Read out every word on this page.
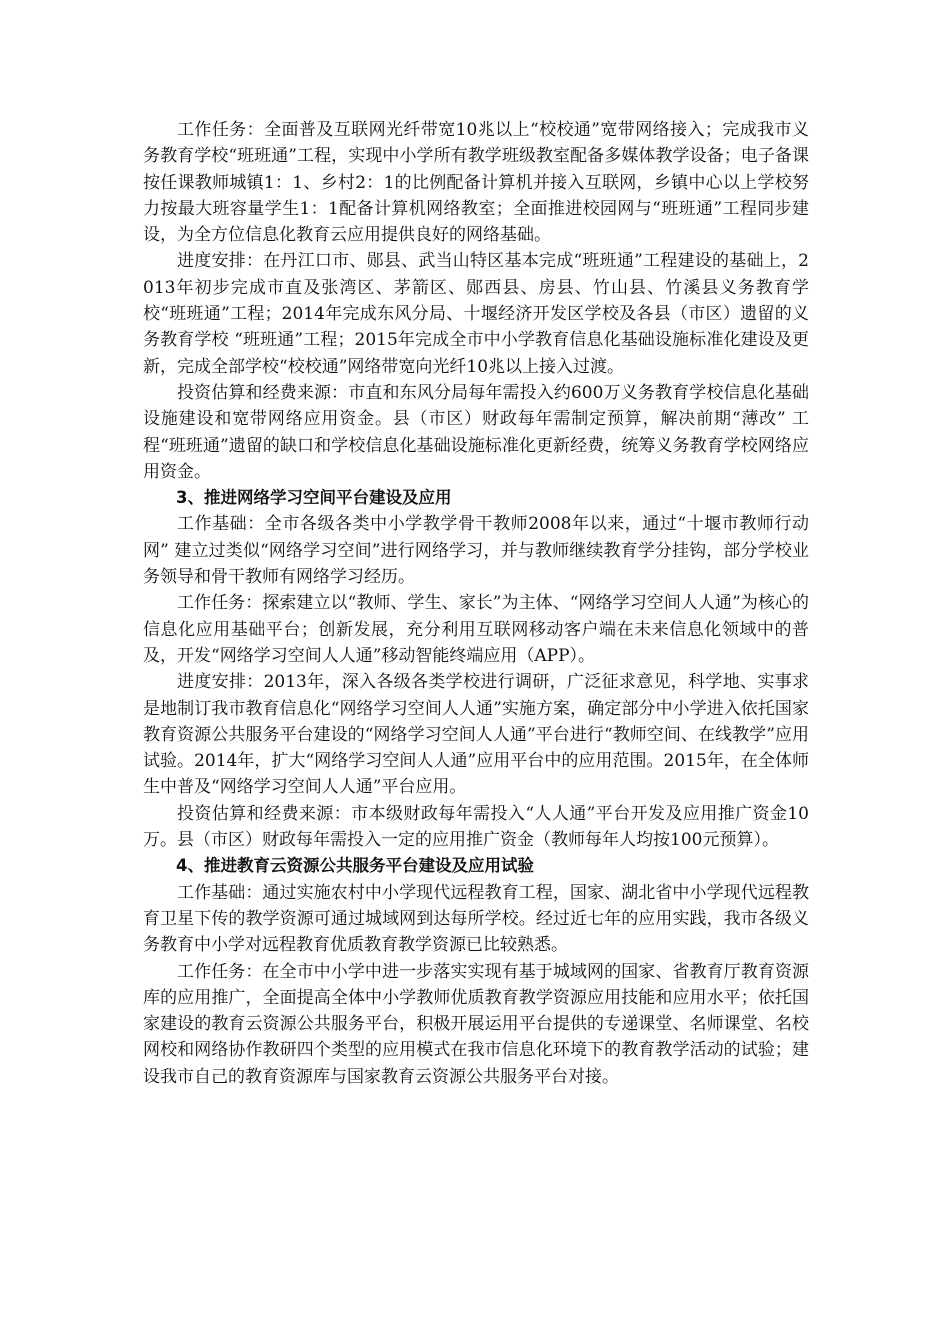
工作任务：全面普及互联网光纤带宽10兆以上“校校通”宽带网络接入；完成我市义务教育学校“班班通”工程，实现中小学所有教学班级教室配备多媒体教学设备；电子备课按任课教师城镇1：1、乡村2：1的比例配备计算机并接入互联网，乡镇中心以上学校努力按最大班容量学生1：1配备计算机网络教室；全面推进校园网与“班班通”工程同步建设，为全方位信息化教育云应用提供良好的网络基础。

进度安排：在丹江口市、郧县、武当山特区基本完成“班班通”工程建设的基础上，2013年初步完成市直及张湾区、茅箭区、郧西县、房县、竹山县、竹溪县义务教育学校“班班通”工程；2014年完成东风分局、十堰经济开发区学校及各县（市区）遗留的义务教育学校 “班班通”工程；2015年完成全市中小学教育信息化基础设施标准化建设及更新，完成全部学校“校校通”网络带宽向光纤10兆以上接入过渡。

投资估算和经费来源：市直和东风分局每年需投入约600万义务教育学校信息化基础设施建设和宽带网络应用资金。县（市区）财政每年需制定预算，解决前期“薄改” 工程“班班通”遗留的缺口和学校信息化基础设施标准化更新经费，统筹义务教育学校网络应用资金。

3、推进网络学习空间平台建设及应用

工作基础：全市各级各类中小学教学骨干教师2008年以来，通过“十堰市教师行动网” 建立过类似“网络学习空间”进行网络学习，并与教师继续教育学分挂钩，部分学校业务领导和骨干教师有网络学习经历。

工作任务：探索建立以“教师、学生、家长”为主体、“网络学习空间人人通”为核心的信息化应用基础平台；创新发展，充分利用互联网移动客户端在未来信息化领域中的普及，开发“网络学习空间人人通”移动智能终端应用（APP）。

进度安排：2013年，深入各级各类学校进行调研，广泛征求意见，科学地、实事求是地制订我市教育信息化“网络学习空间人人通”实施方案，确定部分中小学进入依托国家教育资源公共服务平台建设的“网络学习空间人人通”平台进行“教师空间、在线教学”应用试验。2014年，扩大“网络学习空间人人通”应用平台中的应用范围。2015年，在全体师生中普及“网络学习空间人人通”平台应用。

投资估算和经费来源：市本级财政每年需投入“人人通”平台开发及应用推广资金10万。县（市区）财政每年需投入一定的应用推广资金（教师每年人均按100元预算）。

4、推进教育云资源公共服务平台建设及应用试验

工作基础：通过实施农村中小学现代远程教育工程，国家、湖北省中小学现代远程教育卫星下传的教学资源可通过城域网到达每所学校。经过近七年的应用实践，我市各级义务教育中小学对远程教育优质教育教学资源已比较熟悉。

工作任务：在全市中小学中进一步落实实现有基于城域网的国家、省教育厅教育资源库的应用推广，全面提高全体中小学教师优质教育教学资源应用技能和应用水平；依托国家建设的教育云资源公共服务平台，积极开展运用平台提供的专递课堂、名师课堂、名校网校和网络协作教研四个类型的应用模式在我市信息化环境下的教育教学活动的试验；建设我市自己的教育资源库与国家教育云资源公共服务平台对接。
